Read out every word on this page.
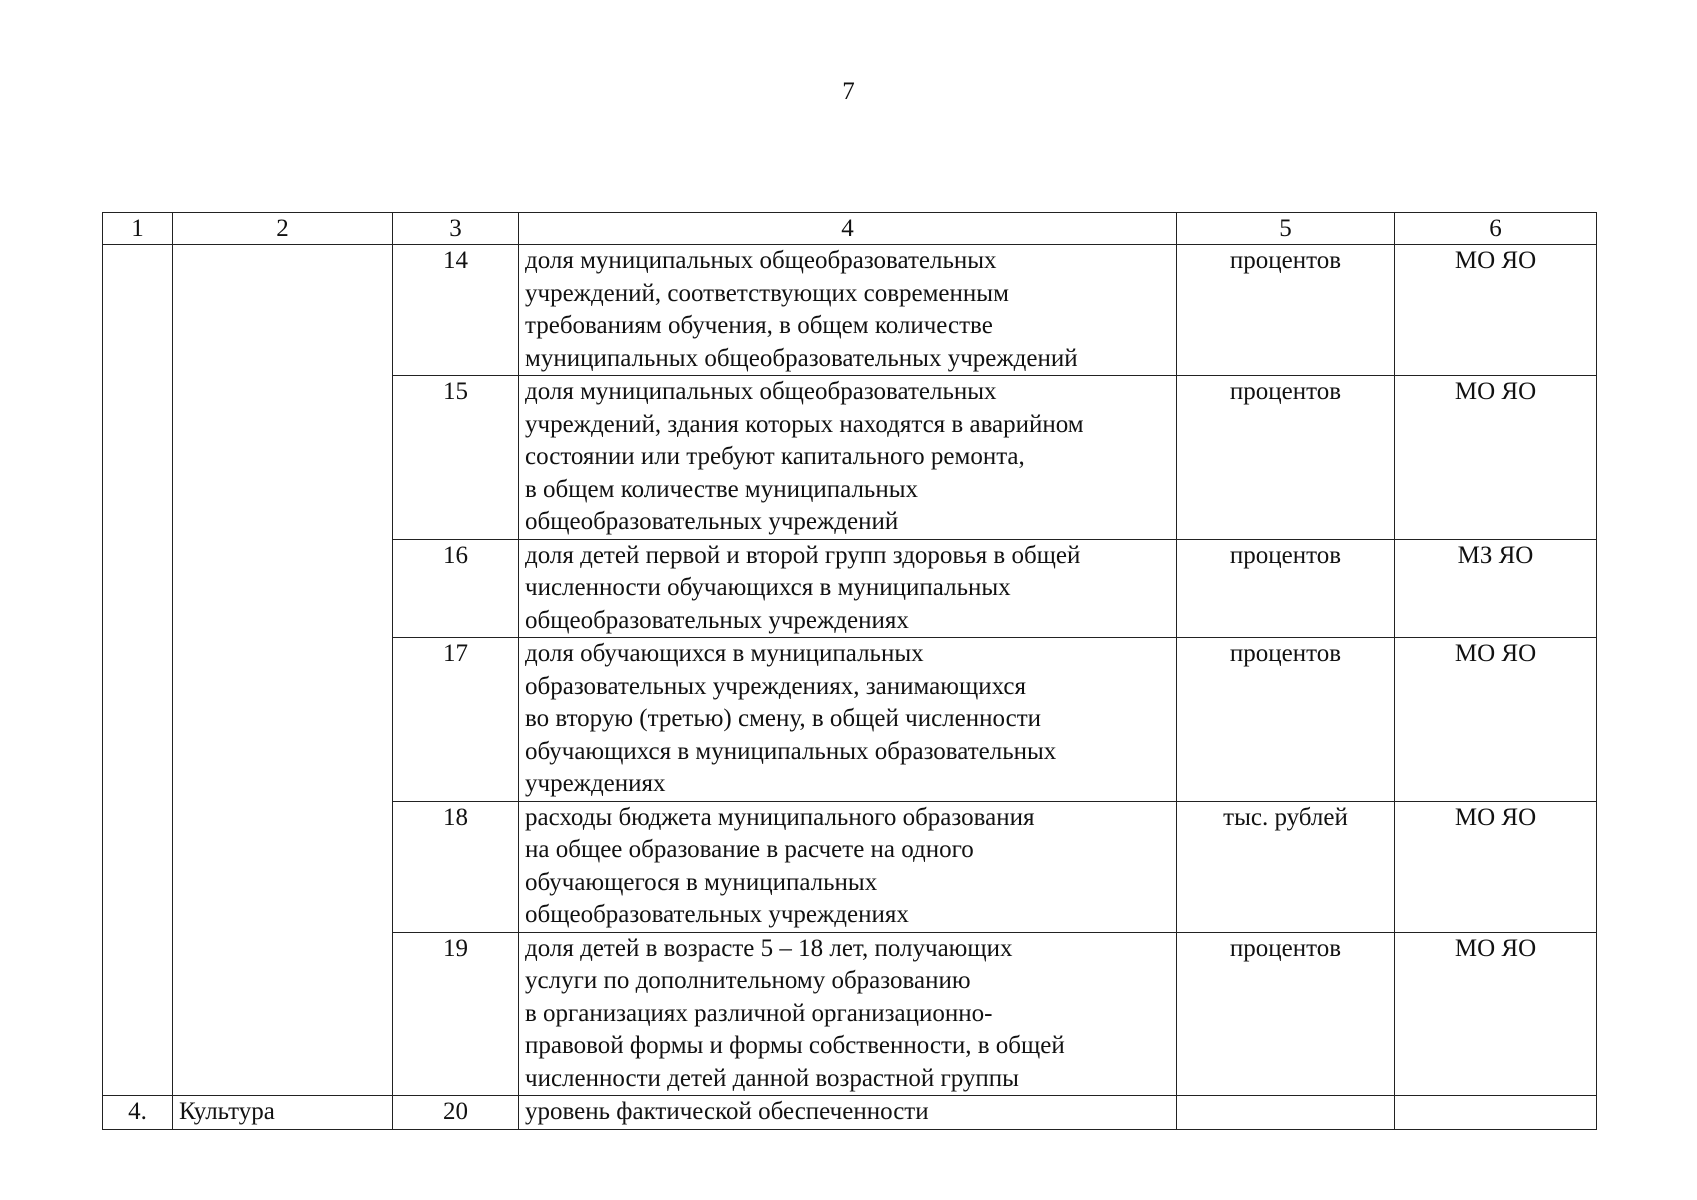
7
1	2	3	4	5	6
		14	доля муниципальных общеобразовательных
учреждений, соответствующих современным
требованиям обучения, в общем количестве
муниципальных общеобразовательных учреждений	процентов	МО ЯО
		15	доля муниципальных общеобразовательных
учреждений, здания которых находятся в аварийном
состоянии или требуют капитального ремонта,
в общем количестве муниципальных
общеобразовательных учреждений	процентов	МО ЯО
		16	доля детей первой и второй групп здоровья в общей
численности обучающихся в муниципальных
общеобразовательных учреждениях	процентов	МЗ ЯО
		17	доля обучающихся в муниципальных
образовательных учреждениях, занимающихся
во вторую (третью) смену, в общей численности
обучающихся в муниципальных образовательных
учреждениях	процентов	МО ЯО
		18	расходы бюджета муниципального образования
на общее образование в расчете на одного
обучающегося в муниципальных
общеобразовательных учреждениях	тыс. рублей	МО ЯО
		19	доля детей в возрасте 5 – 18 лет, получающих
услуги по дополнительному образованию
в организациях различной организационно-
правовой формы и формы собственности, в общей
численности детей данной возрастной группы	процентов	МО ЯО
4.	Культура	20	уровень фактической обеспеченности		
